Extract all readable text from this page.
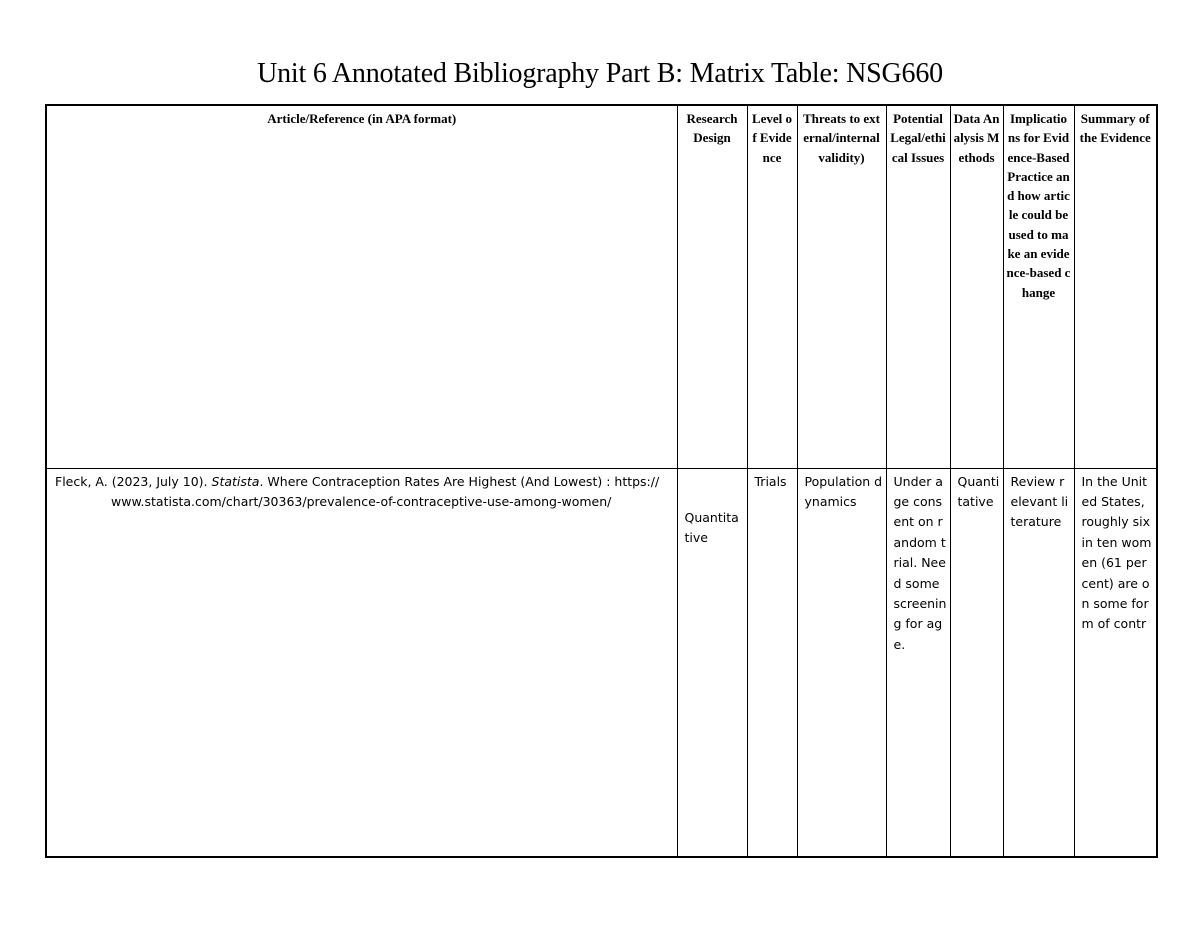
Unit 6 Annotated Bibliography Part B: Matrix Table: NSG660
Article/Reference (in APA format)	Research Design	Level of Evidence	Threats to external/internal validity)	Potential Legal/ethical Issues	Data Analysis Methods	Implications for Evidence-Based Practice and how article could be used to make an evidence-based change	Summary of the Evidence

Fleck, A. (2023, July 10). Statista. Where Contraception Rates Are Highest (And Lowest) : https://www.statista.com/chart/30363/prevalence-of-contraceptive-use-among-women/	Quantitative	Trials	Population dynamics	Under age consent on random trial. Need some screening for age.	Quantitative	Review relevant literature	In the United States, roughly six in ten women (61 percent) are on some form of contr
